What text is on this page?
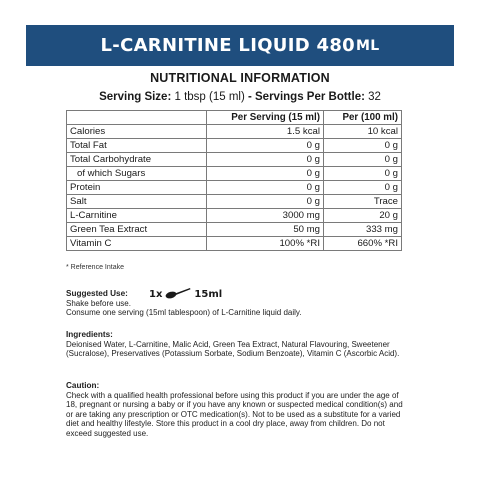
L-CARNITINE LIQUID 480 ML
NUTRITIONAL INFORMATION
Serving Size: 1 tbsp (15 ml) - Servings Per Bottle: 32
	Per Serving (15 ml)	Per (100 ml)
Calories	1.5 kcal	10 kcal
Total Fat	0 g	0 g
Total Carbohydrate	0 g	0 g
of which Sugars	0 g	0 g
Protein	0 g	0 g
Salt	0 g	Trace
L-Carnitine	3000 mg	20 g
Green Tea Extract	50 mg	333 mg
Vitamin C	100% *RI	660% *RI
* Reference Intake
Suggested Use:
Shake before use.
Consume one serving (15ml tablespoon) of L-Carnitine liquid daily.
1x	15ml
Ingredients:
Deionised Water, L-Carnitine, Malic Acid, Green Tea Extract, Natural Flavouring, Sweetener (Sucralose), Preservatives (Potassium Sorbate, Sodium Benzoate), Vitamin C (Ascorbic Acid).
Caution:
Check with a qualified health professional before using this product if you are under the age of 18, pregnant or nursing a baby or if you have any known or suspected medical condition(s) and or are taking any prescription or OTC medication(s). Not to be used as a substitute for a varied diet and healthy lifestyle. Store this product in a cool dry place, away from children. Do not exceed suggested use.
